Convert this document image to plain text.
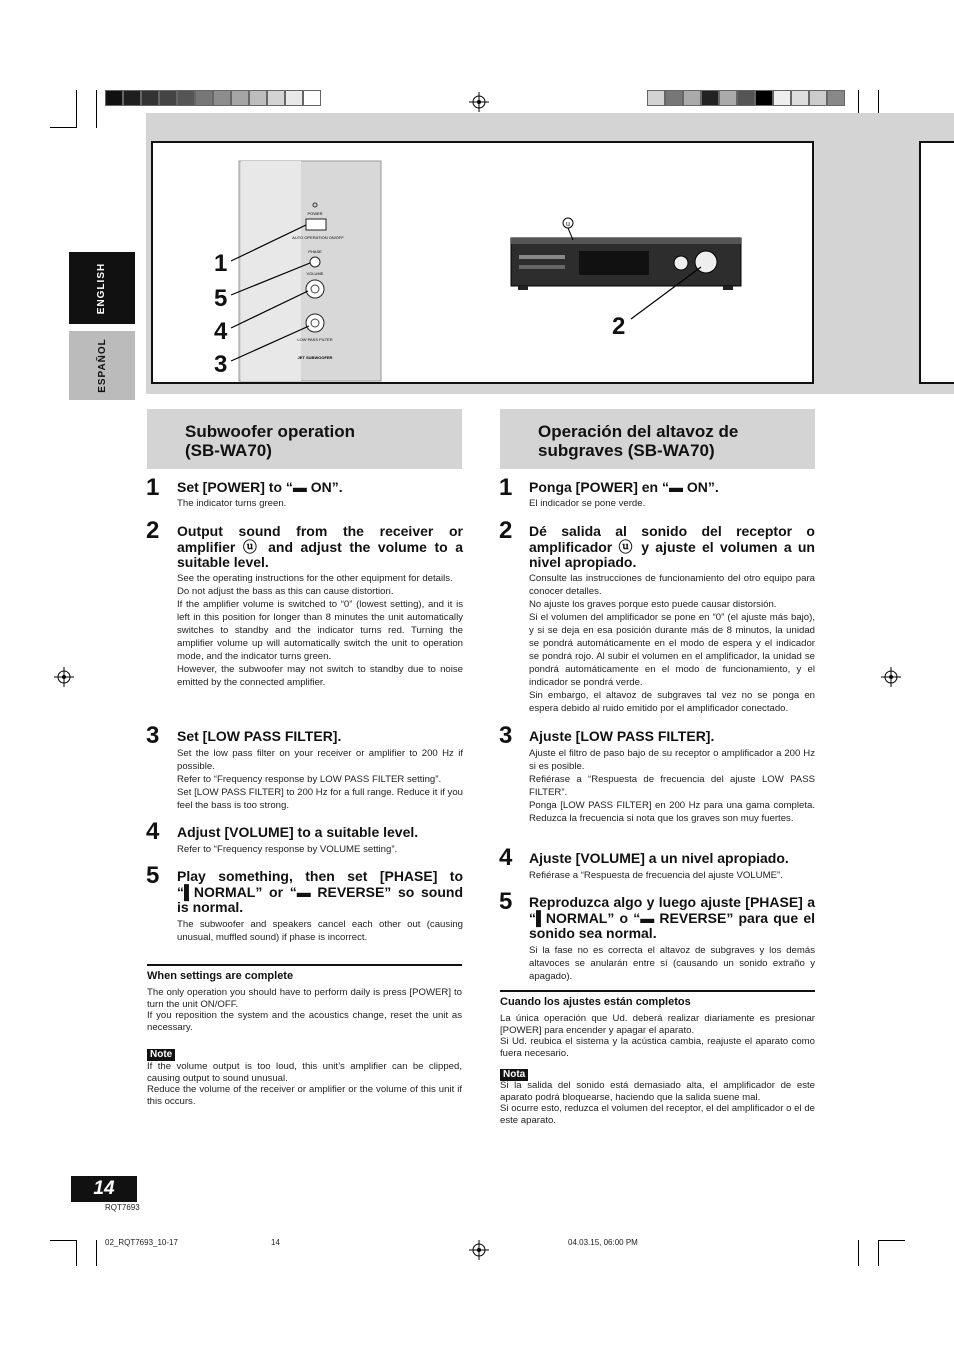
POWER
AUTO OPERATION ON/OFF
PHASE
VOLUME
LOW PASS FILTER
JET SUBWOOFER
u
1
5
4
3
2
ENGLISH
ESPAÑOL
Subwoofer operation
(SB-WA70)
1 Set [POWER] to “▬ ON”.

The indicator turns green.

2 Output sound from the receiver or amplifier ⓤ and adjust the volume to a suitable level.

See the operating instructions for the other equipment for details.

Do not adjust the bass as this can cause distortion.

If the amplifier volume is switched to “0” (lowest setting), and it is left in this position for longer than 8 minutes the unit automatically switches to standby and the indicator turns red. Turning the amplifier volume up will automatically switch the unit to operation mode, and the indicator turns green.

However, the subwoofer may not switch to standby due to noise emitted by the connected amplifier.

3 Set [LOW PASS FILTER].

Set the low pass filter on your receiver or amplifier to 200 Hz if possible.

Refer to “Frequency response by LOW PASS FILTER setting”.

Set [LOW PASS FILTER] to 200 Hz for a full range. Reduce it if you feel the bass is too strong.

4 Adjust [VOLUME] to a suitable level.

Refer to “Frequency response by VOLUME setting”.

5 Play something, then set [PHASE] to “▌NORMAL” or “▬ REVERSE” so sound is normal.

The subwoofer and speakers cancel each other out (causing unusual, muffled sound) if phase is incorrect.

When settings are complete

The only operation you should have to perform daily is press [POWER] to turn the unit ON/OFF.

If you reposition the system and the acoustics change, reset the unit as necessary.

Note

If the volume output is too loud, this unit’s amplifier can be clipped, causing output to sound unusual.

Reduce the volume of the receiver or amplifier or the volume of this unit if this occurs.

Operación del altavoz de
subgraves (SB-WA70)
1 Ponga [POWER] en “▬ ON”.

El indicador se pone verde.

2 Dé salida al sonido del receptor o amplificador ⓤ y ajuste el volumen a un nivel apropiado.

Consulte las instrucciones de funcionamiento del otro equipo para conocer detalles.

No ajuste los graves porque esto puede causar distorsión.

Si el volumen del amplificador se pone en “0” (el ajuste más bajo), y si se deja en esa posición durante más de 8 minutos, la unidad se pondrá automáticamente en el modo de espera y el indicador se pondrá rojo. Al subir el volumen en el amplificador, la unidad se pondrá automáticamente en el modo de funcionamiento, y el indicador se pondrá verde.

Sin embargo, el altavoz de subgraves tal vez no se ponga en espera debido al ruido emitido por el amplificador conectado.

3 Ajuste [LOW PASS FILTER].

Ajuste el filtro de paso bajo de su receptor o amplificador a 200 Hz si es posible.

Refiérase a “Respuesta de frecuencia del ajuste LOW PASS FILTER”.

Ponga [LOW PASS FILTER] en 200 Hz para una gama completa. Reduzca la frecuencia si nota que los graves son muy fuertes.

4 Ajuste [VOLUME] a un nivel apropiado.

Refiérase a “Respuesta de frecuencia del ajuste VOLUME”.

5 Reproduzca algo y luego ajuste [PHASE] a “▌NORMAL” o “▬ REVERSE” para que el sonido sea normal.

Si la fase no es correcta el altavoz de subgraves y los demás altavoces se anularán entre sí (causando un sonido extraño y apagado).

Cuando los ajustes están completos

La única operación que Ud. deberá realizar diariamente es presionar [POWER] para encender y apagar el aparato.

Si Ud. reubica el sistema y la acústica cambia, reajuste el aparato como fuera necesario.

Nota

Si la salida del sonido está demasiado alta, el amplificador de este aparato podrá bloquearse, haciendo que la salida suene mal.

Si ocurre esto, reduzca el volumen del receptor, el del amplificador o el de este aparato.

14
RQT7693
02_RQT7693_10-17	14	04.03.15, 06:00 PM
